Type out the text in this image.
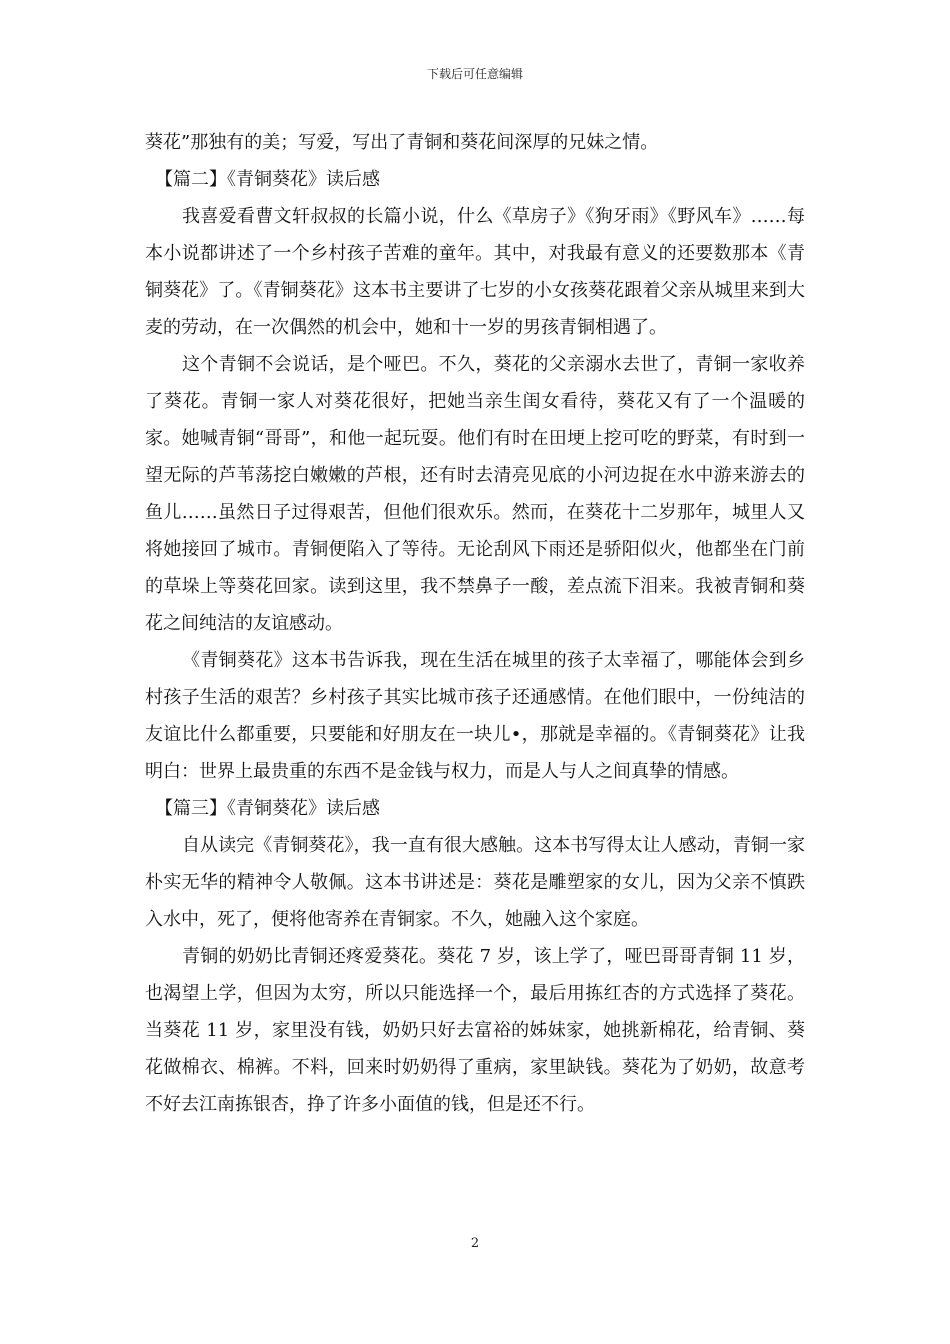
下载后可任意编辑

葵花”那独有的美；写爱，写出了青铜和葵花间深厚的兄妹之情。

【篇二】《青铜葵花》读后感

我喜爱看曹文轩叔叔的长篇小说，什么《草房子》《狗牙雨》《野风车》……每本小说都讲述了一个乡村孩子苦难的童年。其中，对我最有意义的还要数那本《青铜葵花》了。《青铜葵花》这本书主要讲了七岁的小女孩葵花跟着父亲从城里来到大麦的劳动，在一次偶然的机会中，她和十一岁的男孩青铜相遇了。

这个青铜不会说话，是个哑巴。不久，葵花的父亲溺水去世了，青铜一家收养了葵花。青铜一家人对葵花很好，把她当亲生闺女看待，葵花又有了一个温暖的家。她喊青铜“哥哥”，和他一起玩耍。他们有时在田埂上挖可吃的野菜，有时到一望无际的芦苇荡挖白嫩嫩的芦根，还有时去清亮见底的小河边捉在水中游来游去的鱼儿……虽然日子过得艰苦，但他们很欢乐。然而，在葵花十二岁那年，城里人又将她接回了城市。青铜便陷入了等待。无论刮风下雨还是骄阳似火，他都坐在门前的草垛上等葵花回家。读到这里，我不禁鼻子一酸，差点流下泪来。我被青铜和葵花之间纯洁的友谊感动。

《青铜葵花》这本书告诉我，现在生活在城里的孩子太幸福了，哪能体会到乡村孩子生活的艰苦？乡村孩子其实比城市孩子还通感情。在他们眼中，一份纯洁的友谊比什么都重要，只要能和好朋友在一块儿•，那就是幸福的。《青铜葵花》让我明白：世界上最贵重的东西不是金钱与权力，而是人与人之间真挚的情感。

【篇三】《青铜葵花》读后感

自从读完《青铜葵花》，我一直有很大感触。这本书写得太让人感动，青铜一家朴实无华的精神令人敬佩。这本书讲述是：葵花是雕塑家的女儿，因为父亲不慎跌入水中，死了，便将他寄养在青铜家。不久，她融入这个家庭。

青铜的奶奶比青铜还疼爱葵花。葵花 7 岁，该上学了，哑巴哥哥青铜 11 岁，也渴望上学，但因为太穷，所以只能选择一个，最后用拣红杏的方式选择了葵花。当葵花 11 岁，家里没有钱，奶奶只好去富裕的姊妹家，她挑新棉花，给青铜、葵花做棉衣、棉裤。不料，回来时奶奶得了重病，家里缺钱。葵花为了奶奶，故意考不好去江南拣银杏，挣了许多小面值的钱，但是还不行。

2
